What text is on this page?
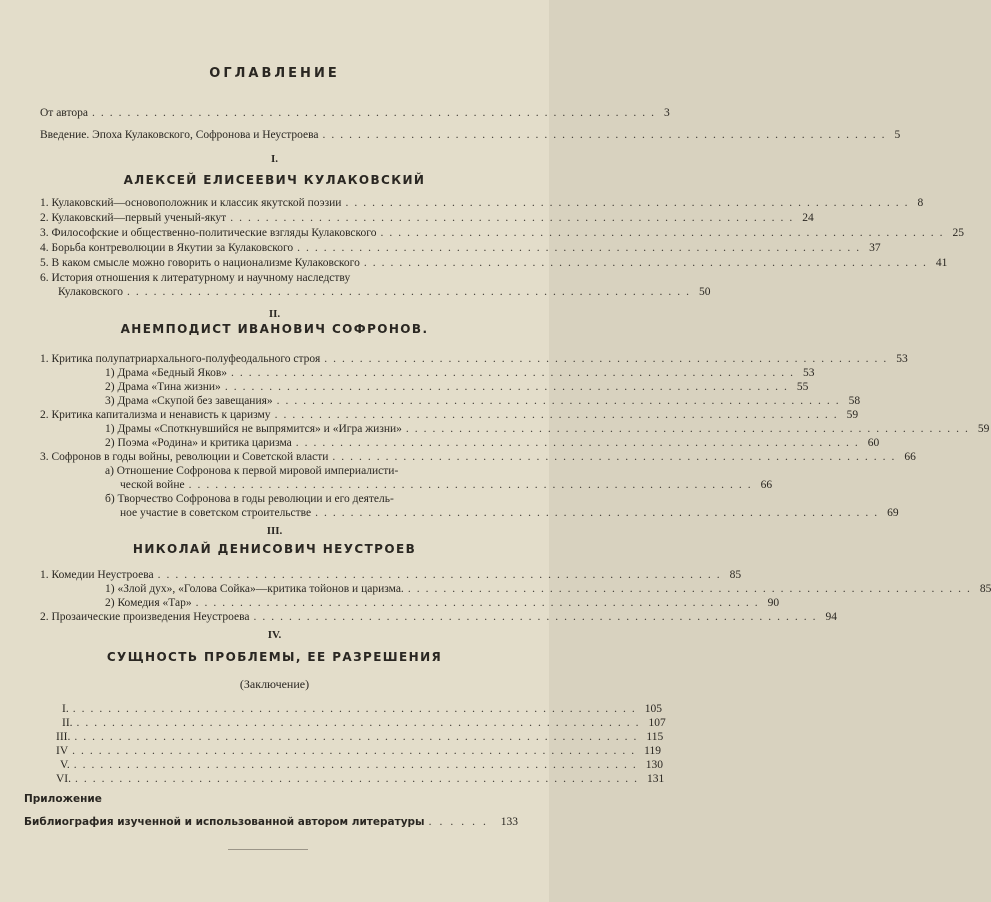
ОГЛАВЛЕНИЕ
От автора ................................................................ 3
Введение. Эпоха Кулаковского, Софронова и Неустроева ................................................................ 5
I.
АЛЕКСЕЙ ЕЛИСЕЕВИЧ КУЛАКОВСКИЙ
1. Кулаковский—основоположник и классик якутской поэзии ................................................................ 8
2. Кулаковский—первый ученый-якут ................................................................ 24
3. Философские и общественно-политические взгляды Кулаковского ................................................................ 25
4. Борьба контреволюции в Якутии за Кулаковского ................................................................ 37
5. В каком смысле можно говорить о национализме Кулаковского ................................................................ 41
6. История отношения к литературному и научному наследству
Кулаковского ................................................................ 50
II.
АНЕМПОДИСТ ИВАНОВИЧ СОФРОНОВ.
1. Критика полупатриархального-полуфеодального строя ................................................................ 53
1) Драма «Бедный Яков» ................................................................ 53
2) Драма «Тина жизни» ................................................................ 55
3) Драма «Скупой без завещания» ................................................................ 58
2. Критика капитализма и ненависть к царизму ................................................................ 59
1) Драмы «Споткнувшийся не выпрямится» и «Игра жизни» ................................................................ 59
2) Поэма «Родина» и критика царизма ................................................................ 60
3. Софронов в годы войны, революции и Советской власти ................................................................ 66
а) Отношение Софронова к первой мировой империалисти-
ческой войне ................................................................ 66
б) Творчество Софронова в годы революции и его деятель-
ное участие в советском строительстве ................................................................ 69
III.
НИКОЛАЙ ДЕНИСОВИЧ НЕУСТРОЕВ
1. Комедии Неустроева ................................................................ 85
1) «Злой дух», «Голова Сойка»—критика тойонов и царизма. ................................................................ 85
2) Комедия «Тар» ................................................................ 90
2. Прозаические произведения Неустроева ................................................................ 94
IV.
СУЩНОСТЬ ПРОБЛЕМЫ, ЕЕ РАЗРЕШЕНИЯ
(Заключение)
I. ................................................................ 105
II. ................................................................ 107
III. ................................................................ 115
IV ................................................................ 119
V. ................................................................ 130
VI. ................................................................ 131
Приложение
Библиография изученной и использованной автором литературы ...... 133
